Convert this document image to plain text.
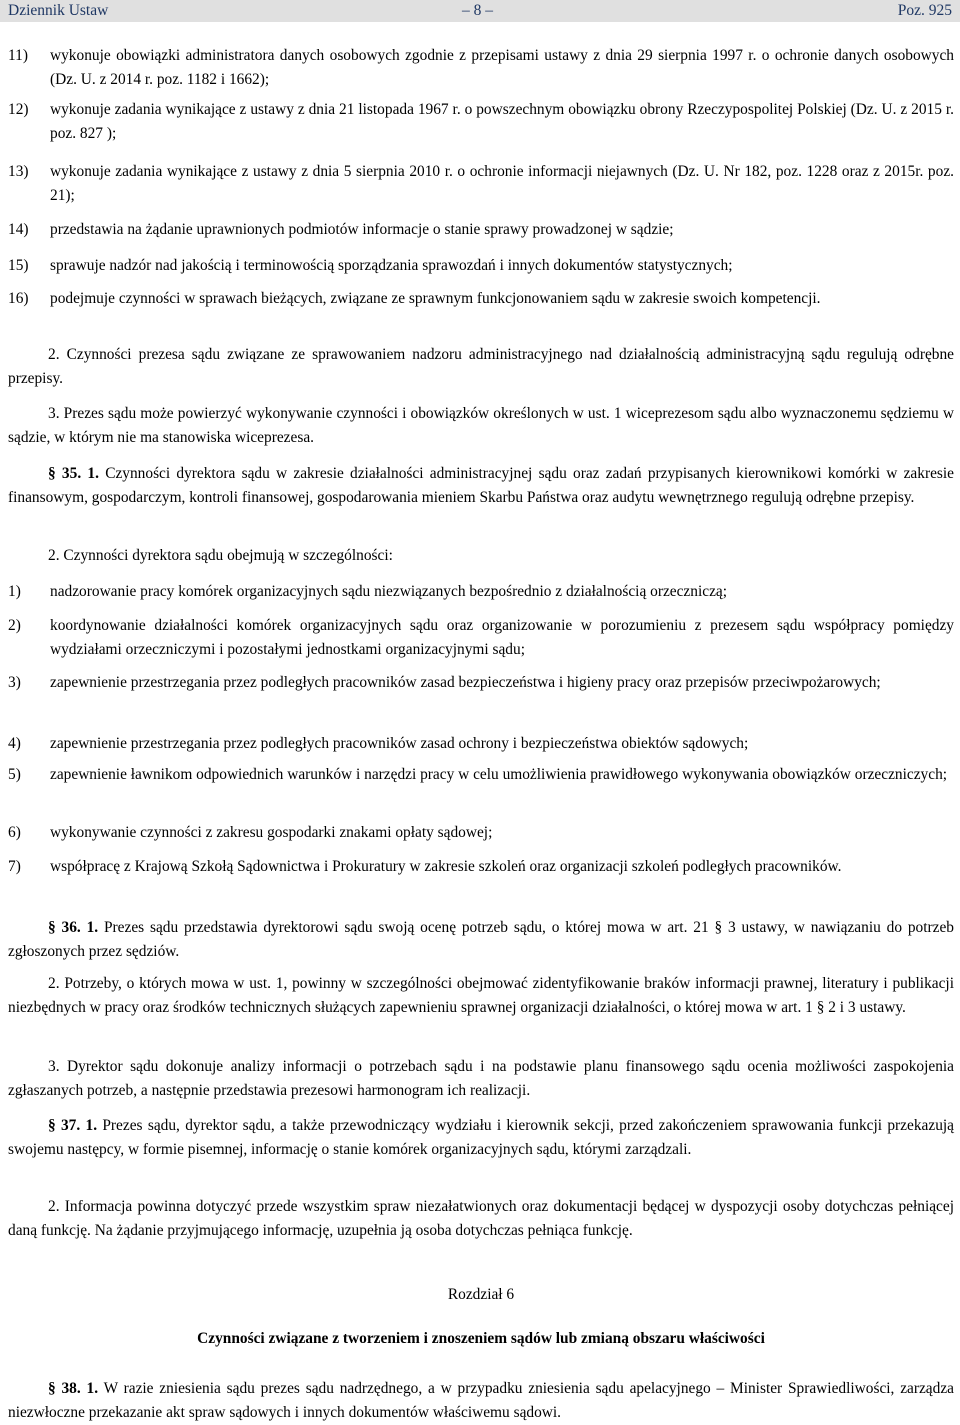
Dziennik Ustaw	– 8 –	Poz. 925
11) wykonuje obowiązki administratora danych osobowych zgodnie z przepisami ustawy z dnia 29 sierpnia 1997 r. o ochronie danych osobowych (Dz. U. z 2014 r. poz. 1182 i 1662);
12) wykonuje zadania wynikające z ustawy z dnia 21 listopada 1967 r. o powszechnym obowiązku obrony Rzeczypospolitej Polskiej (Dz. U. z 2015 r. poz. 827 );
13) wykonuje zadania wynikające z ustawy z dnia 5 sierpnia 2010 r. o ochronie informacji niejawnych (Dz. U. Nr 182, poz. 1228 oraz z 2015r. poz. 21);
14) przedstawia na żądanie uprawnionych podmiotów informacje o stanie sprawy prowadzonej w sądzie;
15) sprawuje nadzór nad jakością i terminowością sporządzania sprawozdań i innych dokumentów statystycznych;
16) podejmuje czynności w sprawach bieżących, związane ze sprawnym funkcjonowaniem sądu w zakresie swoich kompetencji.
2. Czynności prezesa sądu związane ze sprawowaniem nadzoru administracyjnego nad działalnością administracyjną sądu regulują odrębne przepisy.
3. Prezes sądu może powierzyć wykonywanie czynności i obowiązków określonych w ust. 1 wiceprezesom sądu albo wyznaczonemu sędziemu w sądzie, w którym nie ma stanowiska wiceprezesa.
§ 35. 1. Czynności dyrektora sądu w zakresie działalności administracyjnej sądu oraz zadań przypisanych kierownikowi komórki w zakresie finansowym, gospodarczym, kontroli finansowej, gospodarowania mieniem Skarbu Państwa oraz audytu wewnętrznego regulują odrębne przepisy.
2. Czynności dyrektora sądu obejmują w szczególności:
1) nadzorowanie pracy komórek organizacyjnych sądu niezwiązanych bezpośrednio z działalnością orzeczniczą;
2) koordynowanie działalności komórek organizacyjnych sądu oraz organizowanie w porozumieniu z prezesem sądu współpracy pomiędzy wydziałami orzeczniczymi i pozostałymi jednostkami organizacyjnymi sądu;
3) zapewnienie przestrzegania przez podległych pracowników zasad bezpieczeństwa i higieny pracy oraz przepisów przeciwpożarowych;
4) zapewnienie przestrzegania przez podległych pracowników zasad ochrony i bezpieczeństwa obiektów sądowych;
5) zapewnienie ławnikom odpowiednich warunków i narzędzi pracy w celu umożliwienia prawidłowego wykonywania obowiązków orzeczniczych;
6) wykonywanie czynności z zakresu gospodarki znakami opłaty sądowej;
7) współpracę z Krajową Szkołą Sądownictwa i Prokuratury w zakresie szkoleń oraz organizacji szkoleń podległych pracowników.
§ 36. 1. Prezes sądu przedstawia dyrektorowi sądu swoją ocenę potrzeb sądu, o której mowa w art. 21 § 3 ustawy, w nawiązaniu do potrzeb zgłoszonych przez sędziów.
2. Potrzeby, o których mowa w ust. 1, powinny w szczególności obejmować zidentyfikowanie braków informacji prawnej, literatury i publikacji niezbędnych w pracy oraz środków technicznych służących zapewnieniu sprawnej organizacji działalności, o której mowa w art. 1 § 2 i 3 ustawy.
3. Dyrektor sądu dokonuje analizy informacji o potrzebach sądu i na podstawie planu finansowego sądu ocenia możliwości zaspokojenia zgłaszanych potrzeb, a następnie przedstawia prezesowi harmonogram ich realizacji.
§ 37. 1. Prezes sądu, dyrektor sądu, a także przewodniczący wydziału i kierownik sekcji, przed zakończeniem sprawowania funkcji przekazują swojemu następcy, w formie pisemnej, informację o stanie komórek organizacyjnych sądu, którymi zarządzali.
2. Informacja powinna dotyczyć przede wszystkim spraw niezałatwionych oraz dokumentacji będącej w dyspozycji osoby dotychczas pełniącej daną funkcję. Na żądanie przyjmującego informację, uzupełnia ją osoba dotychczas pełniąca funkcję.
Rozdział 6
Czynności związane z tworzeniem i znoszeniem sądów lub zmianą obszaru właściwości
§ 38. 1. W razie zniesienia sądu prezes sądu nadrzędnego, a w przypadku zniesienia sądu apelacyjnego – Minister Sprawiedliwości, zarządza niezwłoczne przekazanie akt spraw sądowych i innych dokumentów właściwemu sądowi.
